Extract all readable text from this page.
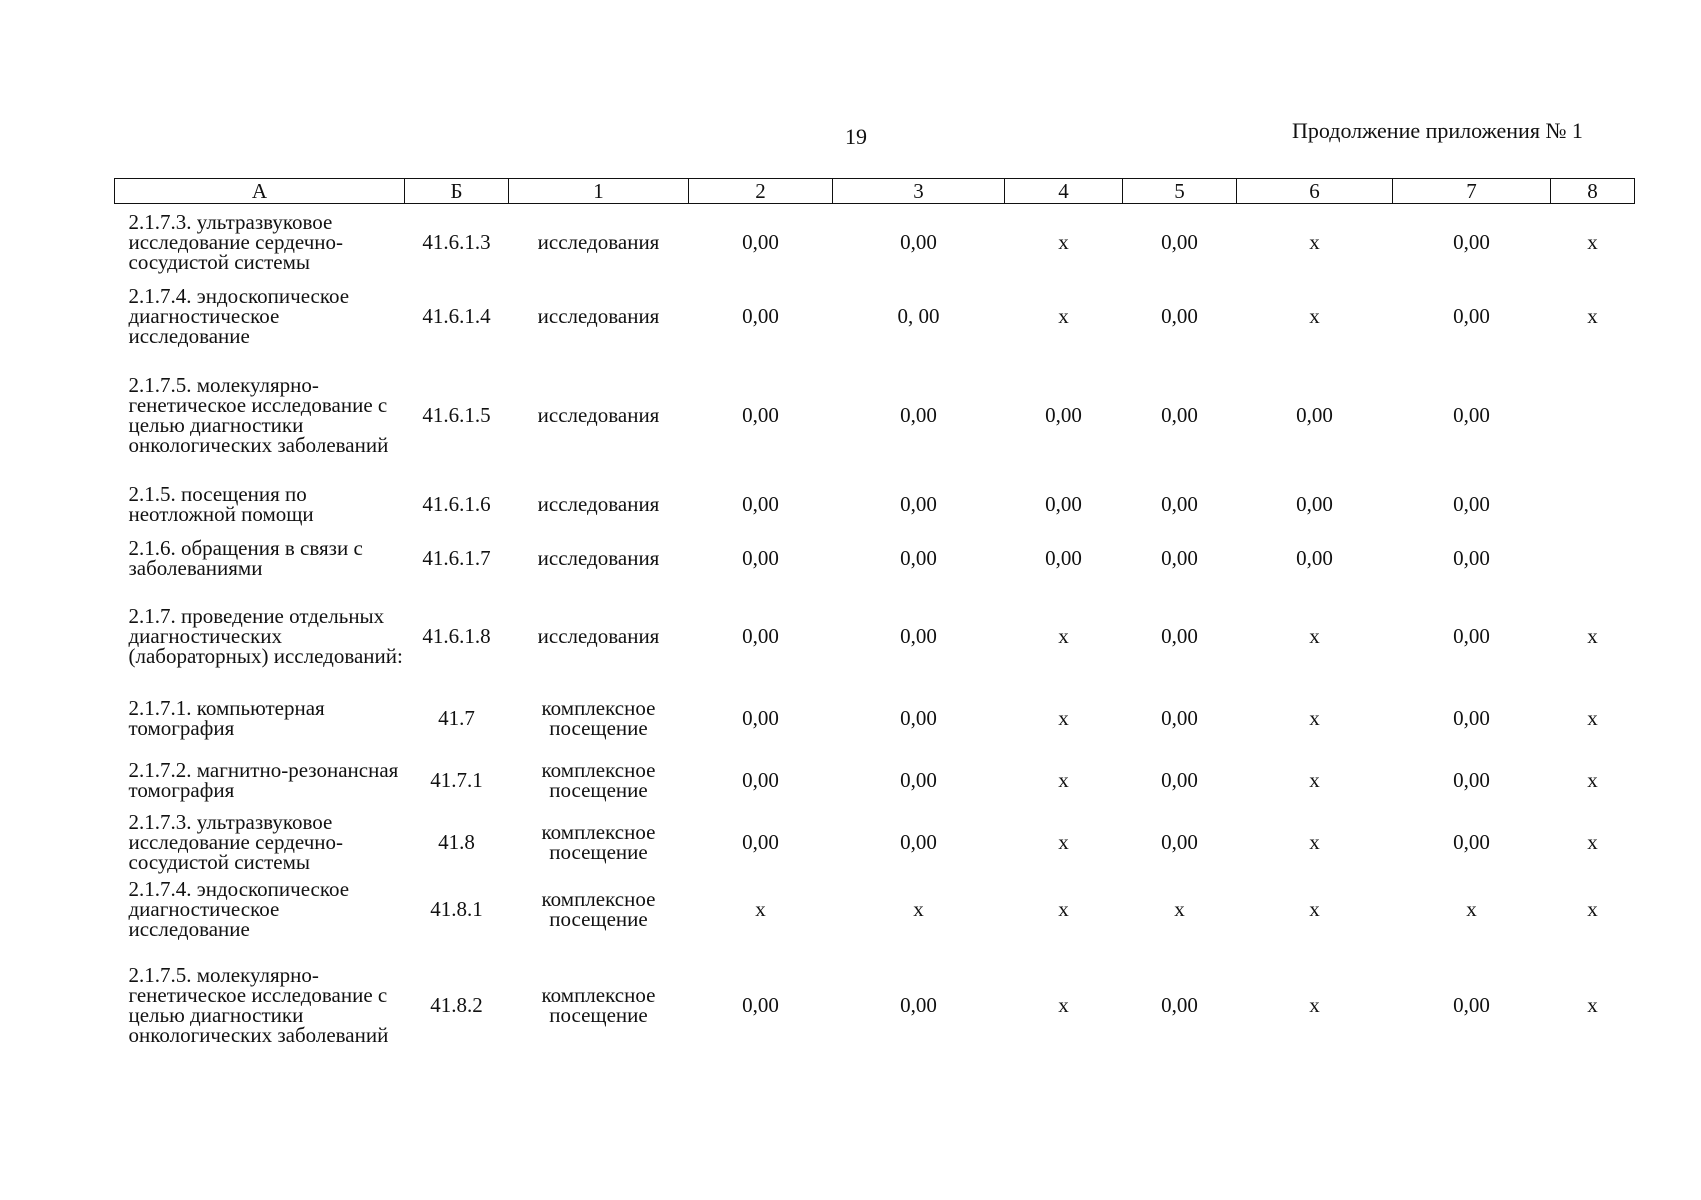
19	Продолжение приложения № 1
А	Б	1	2	3	4	5	6	7	8
2.1.7.3. ультразвуковое исследование сердечно-сосудистой системы	41.6.1.3	исследования	0,00	0,00	х	0,00	х	0,00	х
2.1.7.4. эндоскопическое диагностическое исследование	41.6.1.4	исследования	0,00	0, 00	х	0,00	х	0,00	х
2.1.7.5. молекулярно-генетическое исследование с целью диагностики онкологических заболеваний	41.6.1.5	исследования	0,00	0,00	0,00	0,00	0,00	0,00	
2.1.5. посещения по неотложной помощи	41.6.1.6	исследования	0,00	0,00	0,00	0,00	0,00	0,00	
2.1.6. обращения в связи с заболеваниями	41.6.1.7	исследования	0,00	0,00	0,00	0,00	0,00	0,00	
2.1.7. проведение отдельных диагностических (лабораторных) исследований:	41.6.1.8	исследования	0,00	0,00	х	0,00	х	0,00	х
2.1.7.1. компьютерная томография	41.7	комплексное посещение	0,00	0,00	х	0,00	х	0,00	х
2.1.7.2. магнитно-резонансная томография	41.7.1	комплексное посещение	0,00	0,00	х	0,00	х	0,00	х
2.1.7.3. ультразвуковое исследование сердечно-сосудистой системы	41.8	комплексное посещение	0,00	0,00	х	0,00	х	0,00	х
2.1.7.4. эндоскопическое диагностическое исследование	41.8.1	комплексное посещение	х	х	х	х	х	х	х
2.1.7.5. молекулярно-генетическое исследование с целью диагностики онкологических заболеваний	41.8.2	комплексное посещение	0,00	0,00	х	0,00	х	0,00	х
